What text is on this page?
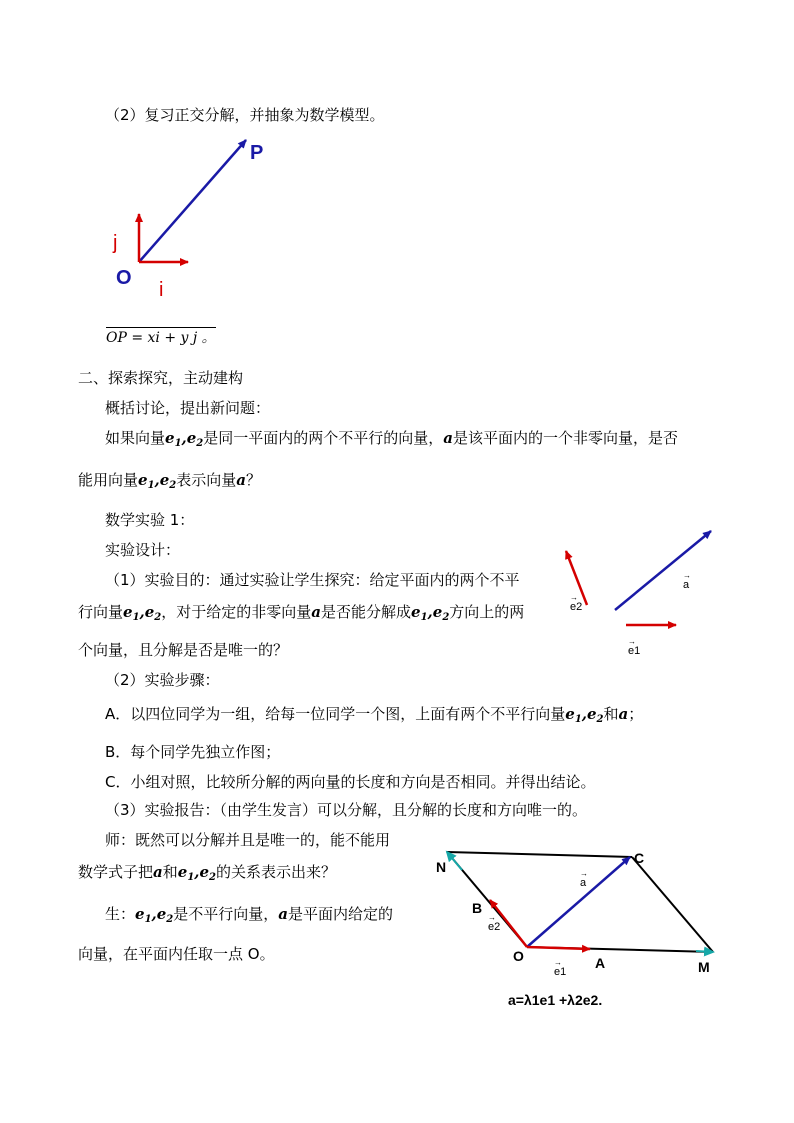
（2）复习正交分解，并抽象为数学模型。
P
O
j
i
OP = xi + y j 。
二、探索探究，主动建构
概括讨论，提出新问题：
如果向量$e_1,e_2$是同一平面内的两个不平行的向量，a是该平面内的一个非零向量，是否
能用向量$e_1,e_2$表示向量a？
数学实验 1：
实验设计：
（1）实验目的：通过实验让学生探究：给定平面内的两个不平
行向量$e_1,e_2$，对于给定的非零向量a是否能分解成$e_1,e_2$方向上的两
个向量，且分解是否是唯一的？
→
a
→
e2
→
e1
（2）实验步骤：
A．以四位同学为一组，给每一位同学一个图，上面有两个不平行向量$e_1,e_2$和a；
B．每个同学先独立作图；
C．小组对照，比较所分解的两向量的长度和方向是否相同。并得出结论。
（3）实验报告：（由学生发言）可以分解，且分解的长度和方向唯一的。
师：既然可以分解并且是唯一的，能不能用
数学式子把a和$e_1,e_2$的关系表示出来？
生：$e_1,e_2$是不平行向量，a是平面内给定的
向量，在平面内任取一点 O。
N
C
B
O	A	M
→
a
→
e2
→
e1
a=λ1e1 +λ2e2.
